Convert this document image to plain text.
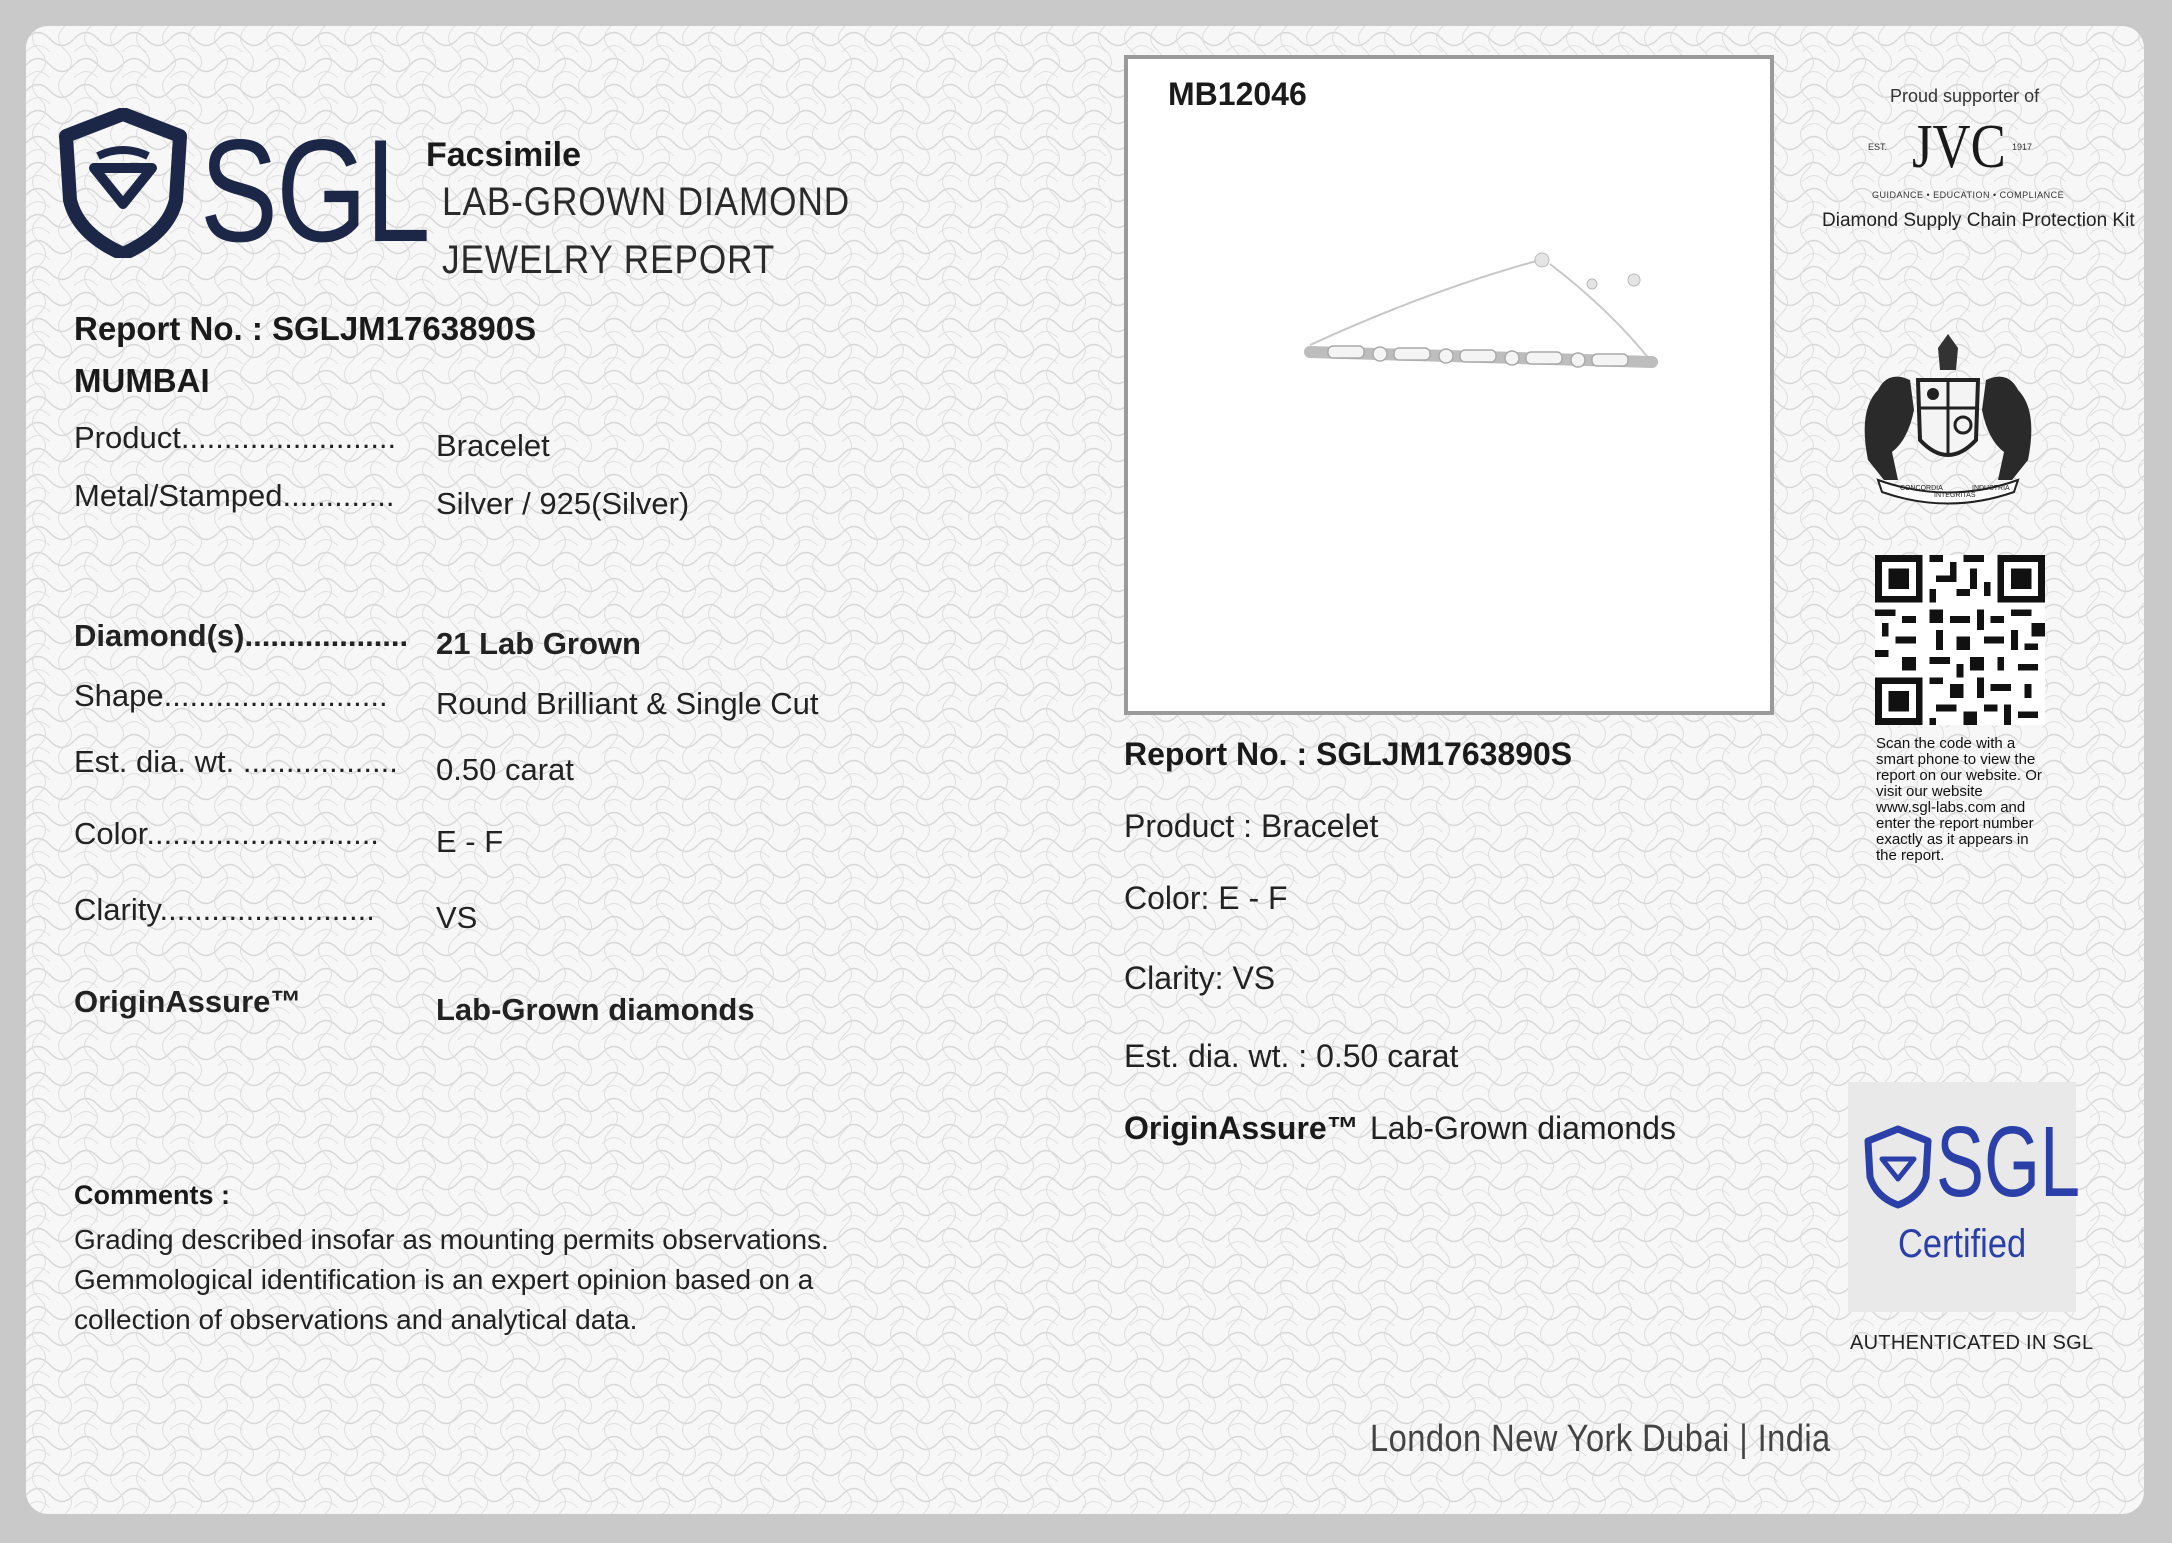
SGL
Facsimile
LAB-GROWN DIAMOND
JEWELRY REPORT
Report No. : SGLJM1763890S
MUMBAI
Product......................... Bracelet
Metal/Stamped............. Silver / 925(Silver)
Diamond(s)................... 21 Lab Grown
Shape.......................... Round Brilliant & Single Cut
Est. dia. wt. .................. 0.50 carat
Color........................... E - F
Clarity......................... VS
OriginAssure™	Lab-Grown diamonds
Comments :
Grading described insofar as mounting permits observations. Gemmological identification is an expert opinion based on a collection of observations and analytical data.
MB12046
Report No. : SGLJM1763890S
Product : Bracelet
Color: E - F
Clarity: VS
Est. dia. wt. : 0.50 carat
OriginAssure™ Lab-Grown diamonds
Proud supporter of
EST. JVC 1917
GUIDANCE • EDUCATION • COMPLIANCE
Diamond Supply Chain Protection Kit
CONCORDIA
INTEGRITAS
INDUSTRIA
Scan the code with a smart phone to view the report on our website. Or visit our website www.sgl-labs.com and enter the report number exactly as it appears in the report.
SGL
Certified
AUTHENTICATED IN SGL
London New York Dubai | India
